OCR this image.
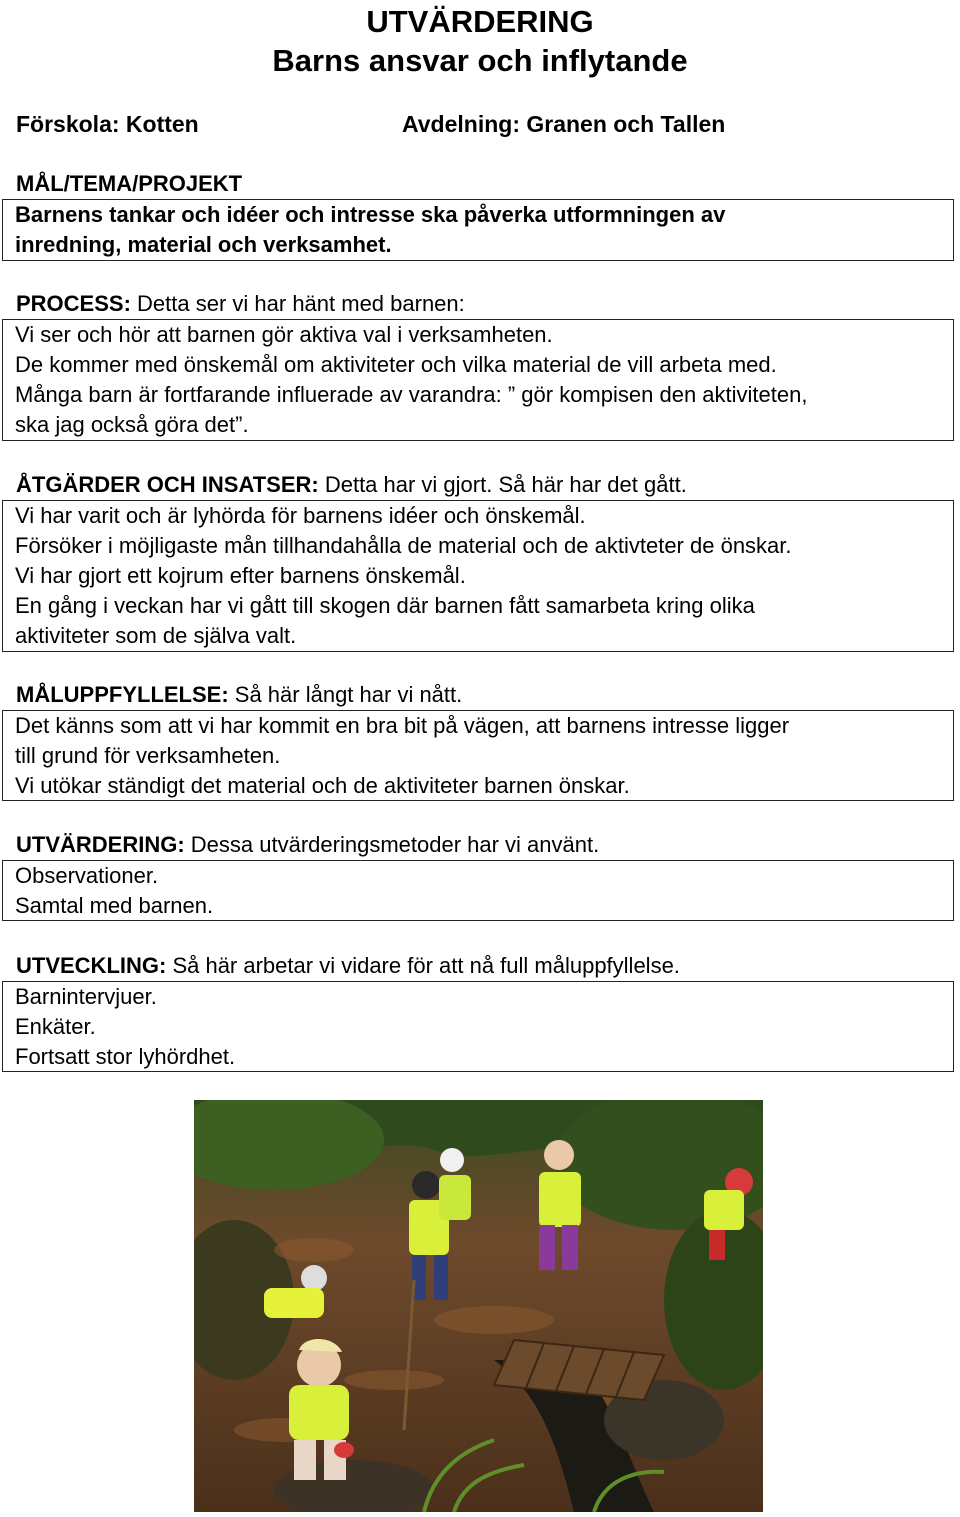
UTVÄRDERING
Barns ansvar och inflytande
Förskola: Kotten	Avdelning: Granen och Tallen
MÅL/TEMA/PROJEKT
Barnens tankar och idéer och intresse ska påverka utformningen av
inredning, material och verksamhet.
PROCESS: Detta ser vi har hänt med barnen:
Vi ser och hör att barnen gör aktiva val i verksamheten.
De kommer med önskemål om aktiviteter och vilka material de vill arbeta med.
Många barn är fortfarande influerade av varandra: ” gör kompisen den aktiviteten,
ska jag också göra det”.
ÅTGÄRDER OCH INSATSER: Detta har vi gjort. Så här har det gått.
Vi har varit och är lyhörda för barnens idéer och önskemål.
Försöker i möjligaste mån tillhandahålla de material och de aktivteter de önskar.
Vi har gjort ett kojrum efter barnens önskemål.
En gång i veckan har vi gått till skogen där barnen fått samarbeta kring olika
aktiviteter som de själva valt.
MÅLUPPFYLLELSE: Så här långt har vi nått.
Det känns som att vi har kommit en bra bit på vägen, att barnens intresse ligger
till grund för verksamheten.
Vi utökar ständigt det material och de aktiviteter barnen önskar.
UTVÄRDERING: Dessa utvärderingsmetoder har vi använt.
Observationer.
Samtal med barnen.
UTVECKLING: Så här arbetar vi vidare för att nå full måluppfyllelse.
Barnintervjuer.
Enkäter.
Fortsatt stor lyhördhet.
